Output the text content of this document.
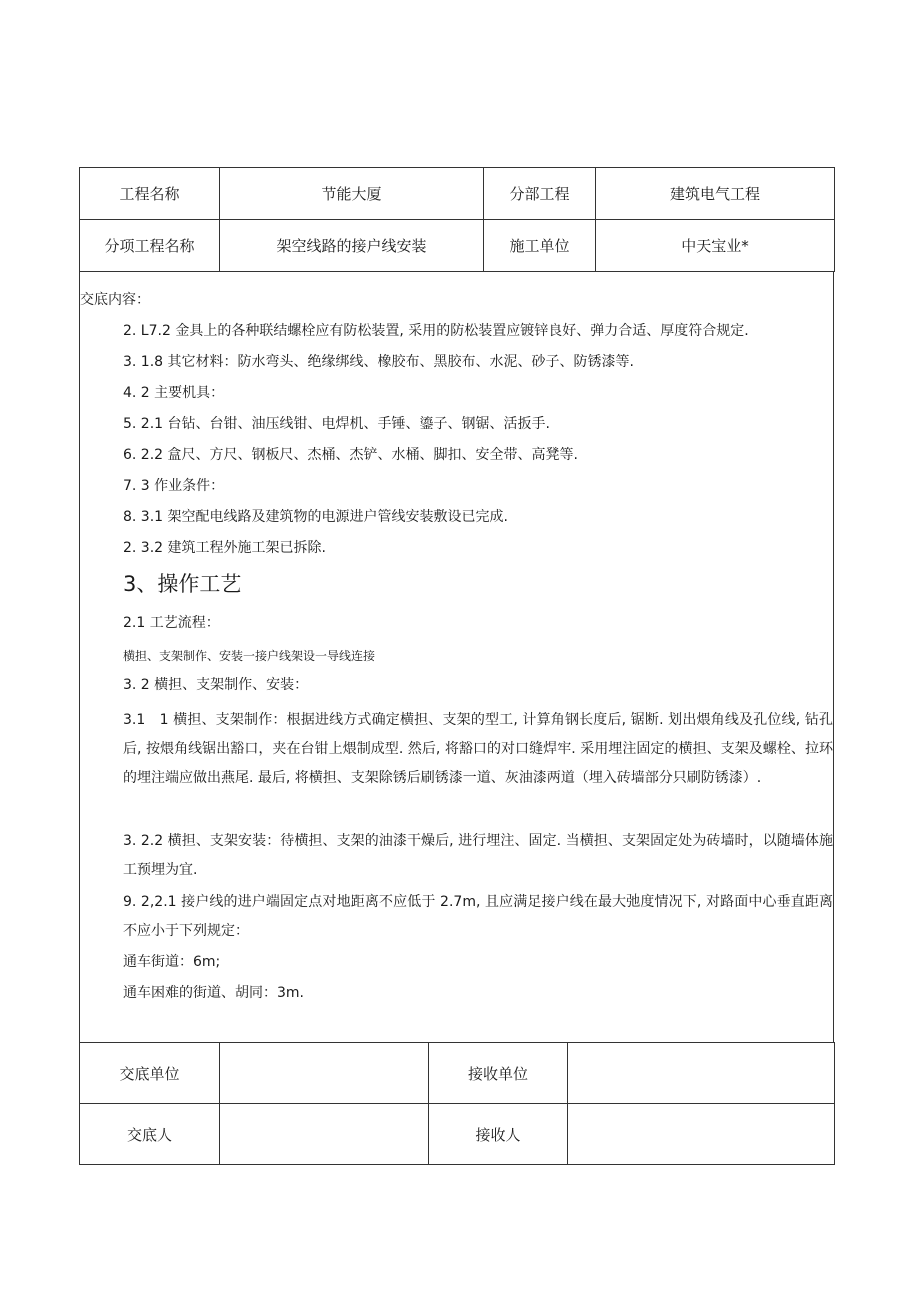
工程名称	节能大厦	分部工程	建筑电气工程
分项工程名称	架空线路的接户线安装	施工单位	中天宝业*

交底内容：

2. L7.2 金具上的各种联结螺栓应有防松装置, 采用的防松装置应镀锌良好、弹力合适、厚度符合规定.

3. 1.8 其它材料：防水弯头、绝缘绑线、橡胶布、黑胶布、水泥、砂子、防锈漆等.

4. 2 主要机具：

5. 2.1 台钻、台钳、油压线钳、电焊机、手锤、鎏子、钢锯、活扳手.

6. 2.2 盒尺、方尺、钢板尺、杰桶、杰铲、水桶、脚扣、安全带、高凳等.

7. 3 作业条件：

8. 3.1 架空配电线路及建筑物的电源进户管线安装敷设已完成.

2. 3.2 建筑工程外施工架已拆除.

3、操作工艺

2.1 工艺流程：

横担、支架制作、安装一接户线架设一导线连接

3. 2 横担、支架制作、安装：

3.1　1 横担、支架制作：根据进线方式确定横担、支架的型工, 计算角钢长度后, 锯断. 划出煨角线及孔位线, 钻孔后, 按煨角线锯出豁口，夹在台钳上煨制成型. 然后, 将豁口的对口缝焊牢. 采用埋注固定的横担、支架及螺栓、拉环的埋注端应做出燕尾. 最后, 将横担、支架除锈后刷锈漆一道、灰油漆两道（埋入砖墙部分只刷防锈漆）.

3. 2.2 横担、支架安装：待横担、支架的油漆干燥后, 进行埋注、固定. 当横担、支架固定处为砖墙时，以随墙体施工预埋为宜.

9. 2,2.1 接户线的进户端固定点对地距离不应低于 2.7m, 且应满足接户线在最大弛度情况下, 对路面中心垂直距离不应小于下列规定：

通车街道：6m;

通车困难的街道、胡同：3m.

交底单位		接收单位	
交底人		接收人	
